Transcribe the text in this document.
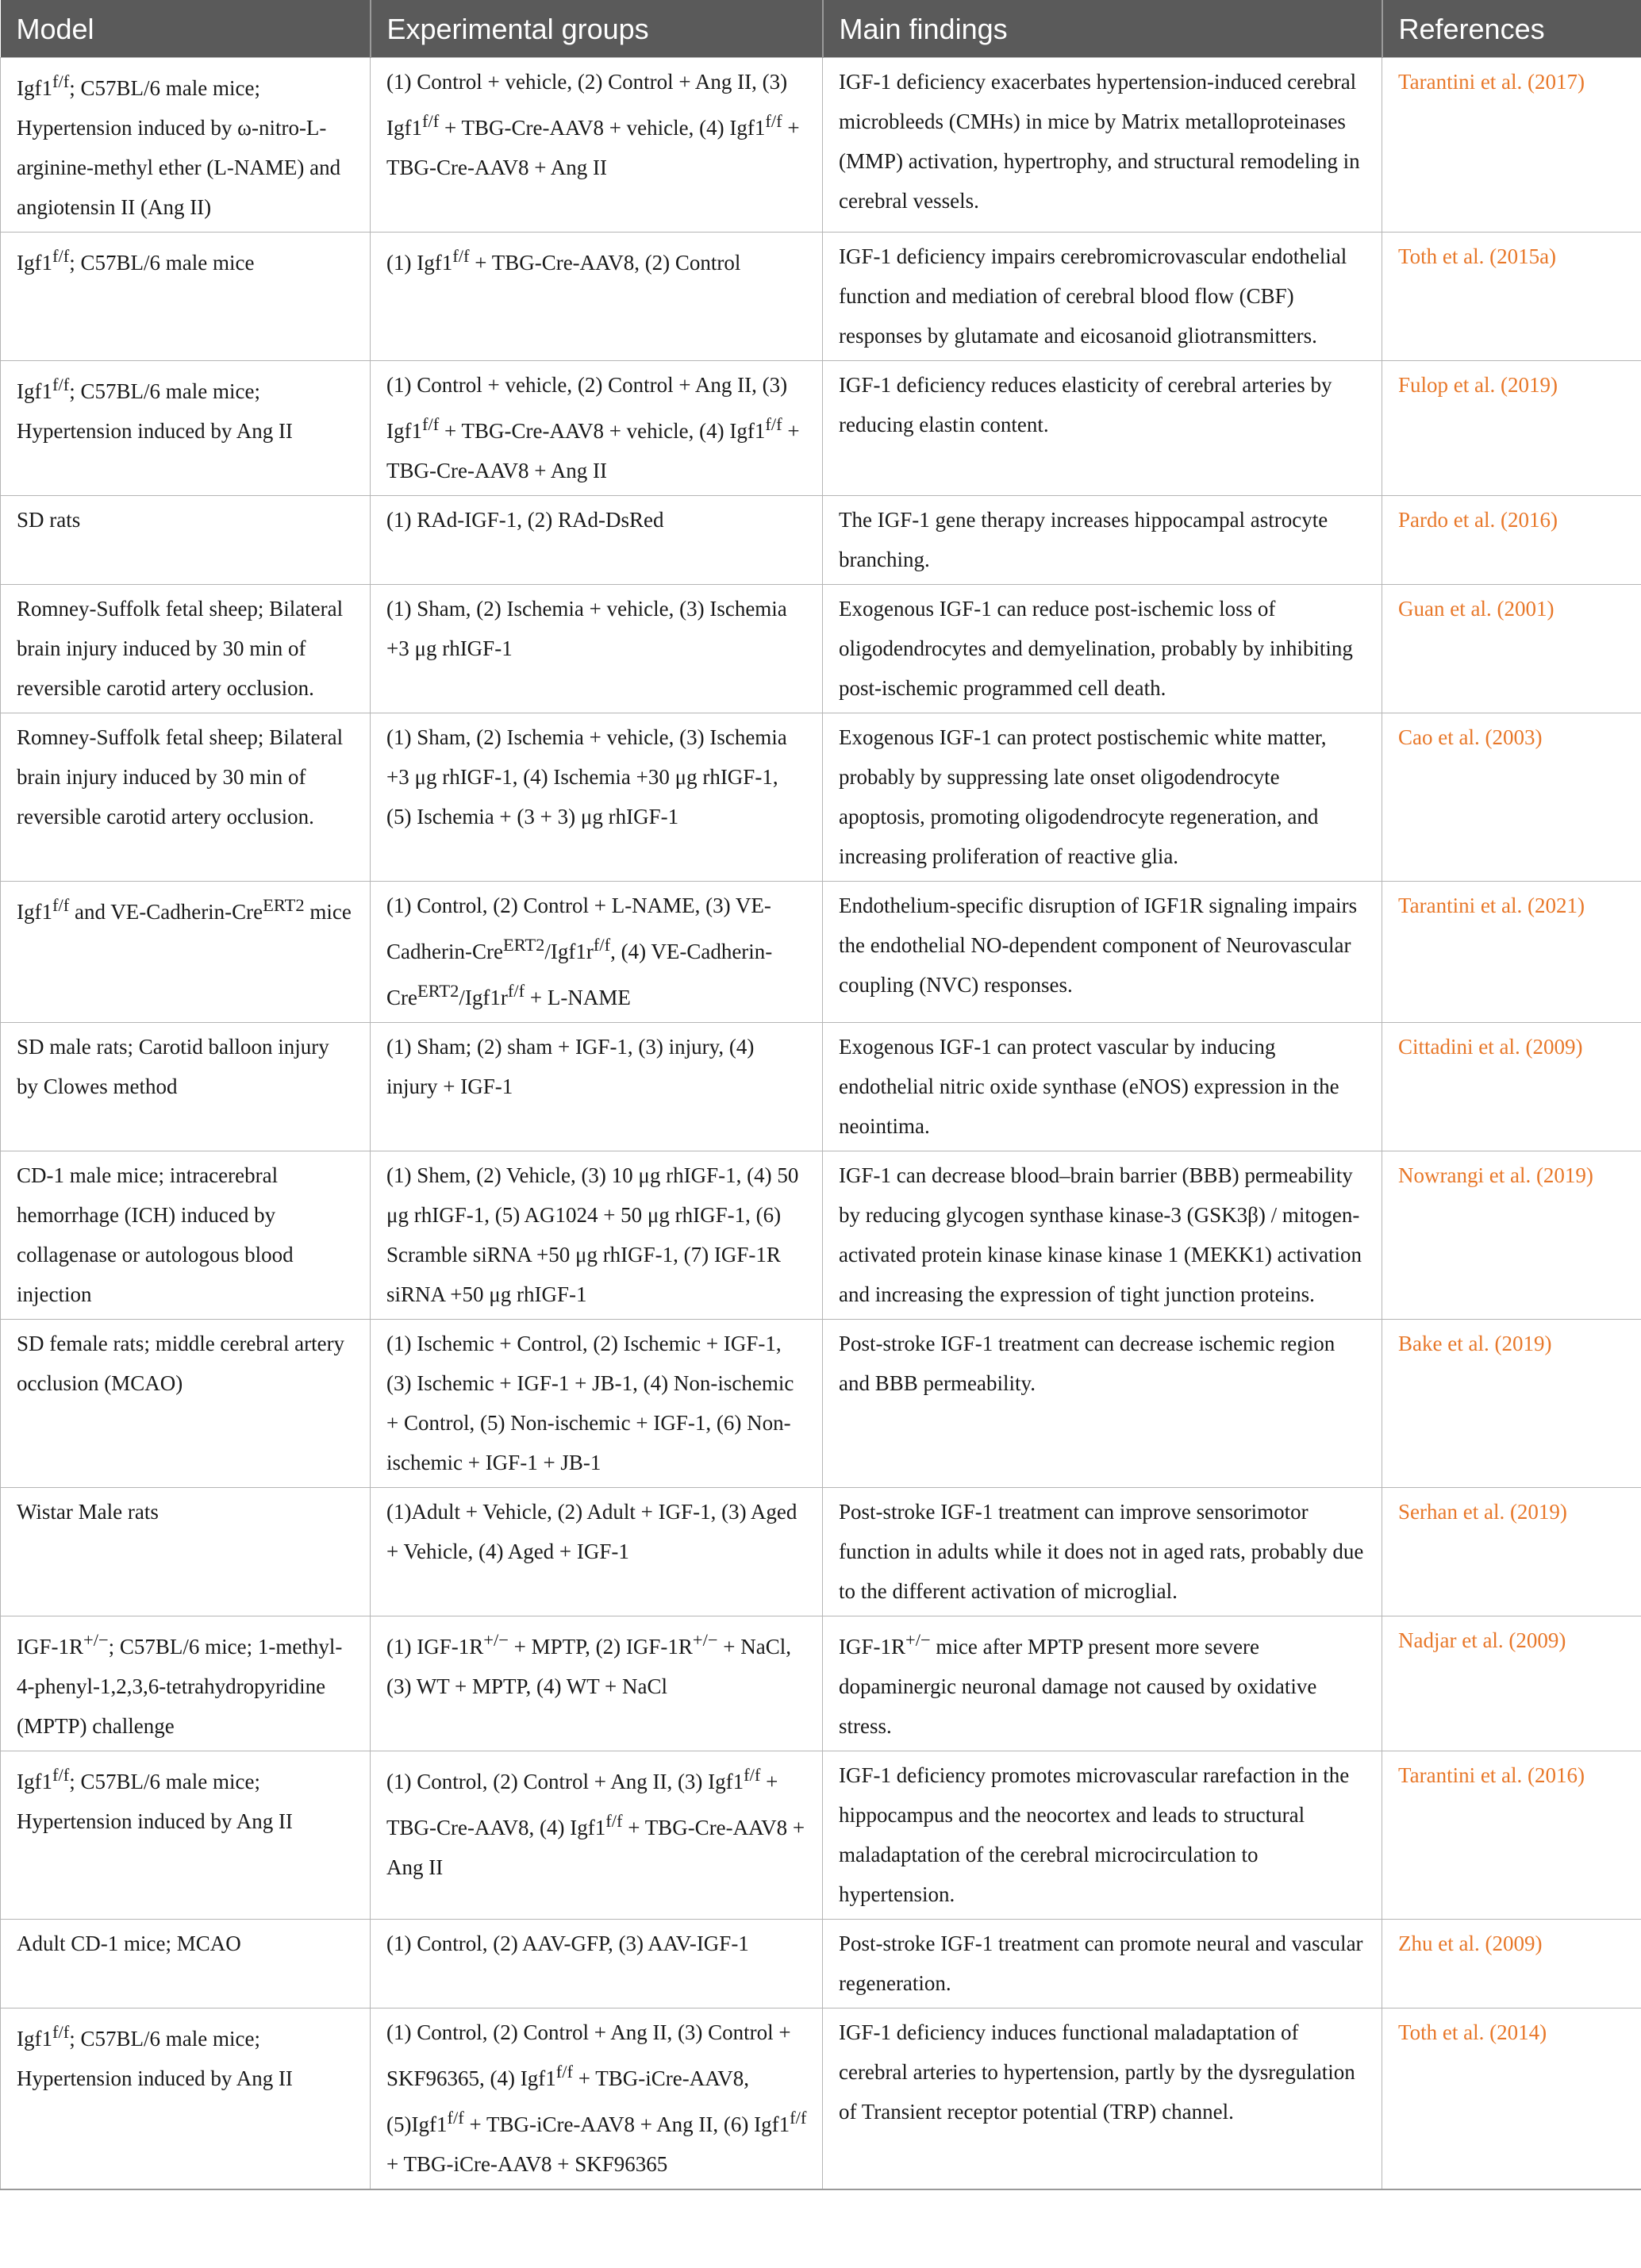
Model	Experimental groups	Main findings	References
$Igf1^{f/f}$; C57BL/6 male mice; Hypertension induced by ω-nitro-L-arginine-methyl ether (L-NAME) and angiotensin II (Ang II)	(1) Control + vehicle, (2) Control + Ang II, (3) $Igf1^{f/f} + TBG-Cre-AAV8$ + vehicle, (4) $Igf1^{f/f} + TBG-Cre-AAV8$ + Ang II	IGF-1 deficiency exacerbates hypertension-induced cerebral microbleeds (CMHs) in mice by Matrix metalloproteinases (MMP) activation, hypertrophy, and structural remodeling in cerebral vessels.	Tarantini et al. (2017)
$Igf1^{f/f}$; C57BL/6 male mice	(1) $Igf1^{f/f} + TBG-Cre-AAV8$, (2) Control	IGF-1 deficiency impairs cerebromicrovascular endothelial function and mediation of cerebral blood flow (CBF) responses by glutamate and eicosanoid gliotransmitters.	Toth et al. (2015a)
$Igf1^{f/f}$; C57BL/6 male mice; Hypertension induced by Ang II	(1) Control + vehicle, (2) Control + Ang II, (3) $Igf1^{f/f} + TBG-Cre-AAV8$ + vehicle, (4) $Igf1^{f/f} + TBG-Cre-AAV8$ + Ang II	IGF-1 deficiency reduces elasticity of cerebral arteries by reducing elastin content.	Fulop et al. (2019)
SD rats	(1) RAd-IGF-1, (2) RAd-DsRed	The IGF-1 gene therapy increases hippocampal astrocyte branching.	Pardo et al. (2016)
Romney-Suffolk fetal sheep; Bilateral brain injury induced by 30 min of reversible carotid artery occlusion.	(1) Sham, (2) Ischemia + vehicle, (3) Ischemia +3 μg rhIGF-1	Exogenous IGF-1 can reduce post-ischemic loss of oligodendrocytes and demyelination, probably by inhibiting post-ischemic programmed cell death.	Guan et al. (2001)
Romney-Suffolk fetal sheep; Bilateral brain injury induced by 30 min of reversible carotid artery occlusion.	(1) Sham, (2) Ischemia + vehicle, (3) Ischemia +3 μg rhIGF-1, (4) Ischemia +30 μg rhIGF-1, (5) Ischemia + (3 + 3) μg rhIGF-1	Exogenous IGF-1 can protect postischemic white matter, probably by suppressing late onset oligodendrocyte apoptosis, promoting oligodendrocyte regeneration, and increasing proliferation of reactive glia.	Cao et al. (2003)
$Igf1^{f/f}$ and VE-Cadherin-Cre$^{ERT2}$ mice	(1) Control, (2) Control + L-NAME, (3) $VE-Cadherin-Cre^{ERT2}/Igf1r^{f/f}$, (4) $VE-Cadherin-Cre^{ERT2}/Igf1r^{f/f}$ + L-NAME	Endothelium-specific disruption of IGF1R signaling impairs the endothelial NO-dependent component of Neurovascular coupling (NVC) responses.	Tarantini et al. (2021)
SD male rats; Carotid balloon injury by Clowes method	(1) Sham; (2) sham + IGF-1, (3) injury, (4) injury + IGF-1	Exogenous IGF-1 can protect vascular by inducing endothelial nitric oxide synthase (eNOS) expression in the neointima.	Cittadini et al. (2009)
CD-1 male mice; intracerebral hemorrhage (ICH) induced by collagenase or autologous blood injection	(1) Shem, (2) Vehicle, (3) 10 μg rhIGF-1, (4) 50 μg rhIGF-1, (5) AG1024 + 50 μg rhIGF-1, (6) Scramble siRNA +50 μg rhIGF-1, (7) IGF-1R siRNA +50 μg rhIGF-1	IGF-1 can decrease blood–brain barrier (BBB) permeability by reducing glycogen synthase kinase-3 (GSK3β) / mitogen-activated protein kinase kinase kinase 1 (MEKK1) activation and increasing the expression of tight junction proteins.	Nowrangi et al. (2019)
SD female rats; middle cerebral artery occlusion (MCAO)	(1) Ischemic + Control, (2) Ischemic + IGF-1, (3) Ischemic + IGF-1 + JB-1, (4) Non-ischemic + Control, (5) Non-ischemic + IGF-1, (6) Non-ischemic + IGF-1 + JB-1	Post-stroke IGF-1 treatment can decrease ischemic region and BBB permeability.	Bake et al. (2019)
Wistar Male rats	(1)Adult + Vehicle, (2) Adult + IGF-1, (3) Aged + Vehicle, (4) Aged + IGF-1	Post-stroke IGF-1 treatment can improve sensorimotor function in adults while it does not in aged rats, probably due to the different activation of microglial.	Serhan et al. (2019)
IGF-1R+/−; C57BL/6 mice; 1-methyl-4-phenyl-1,2,3,6-tetrahydropyridine (MPTP) challenge	(1) IGF-1R+/− + MPTP, (2) IGF-1R+/− + NaCl, (3) WT + MPTP, (4) WT + NaCl	IGF-1R+/− mice after MPTP present more severe dopaminergic neuronal damage not caused by oxidative stress.	Nadjar et al. (2009)
$Igf1^{f/f}$; C57BL/6 male mice; Hypertension induced by Ang II	(1) Control, (2) Control + Ang II, (3) $Igf1^{f/f} + TBG-Cre-AAV8$, (4) $Igf1^{f/f} + TBG-Cre-AAV8$ + Ang II	IGF-1 deficiency promotes microvascular rarefaction in the hippocampus and the neocortex and leads to structural maladaptation of the cerebral microcirculation to hypertension.	Tarantini et al. (2016)
Adult CD-1 mice; MCAO	(1) Control, (2) AAV-GFP, (3) AAV-IGF-1	Post-stroke IGF-1 treatment can promote neural and vascular regeneration.	Zhu et al. (2009)
$Igf1^{f/f}$; C57BL/6 male mice; Hypertension induced by Ang II	(1) Control, (2) Control + Ang II, (3) Control + SKF96365, (4) $Igf1^{f/f}$ + TBG-iCre-AAV8, $(5)Igf1^{f/f}$ + TBG-iCre-AAV8 + Ang II, (6) $Igf1^{f/f}$ + TBG-iCre-AAV8 + SKF96365	IGF-1 deficiency induces functional maladaptation of cerebral arteries to hypertension, partly by the dysregulation of Transient receptor potential (TRP) channel.	Toth et al. (2014)
